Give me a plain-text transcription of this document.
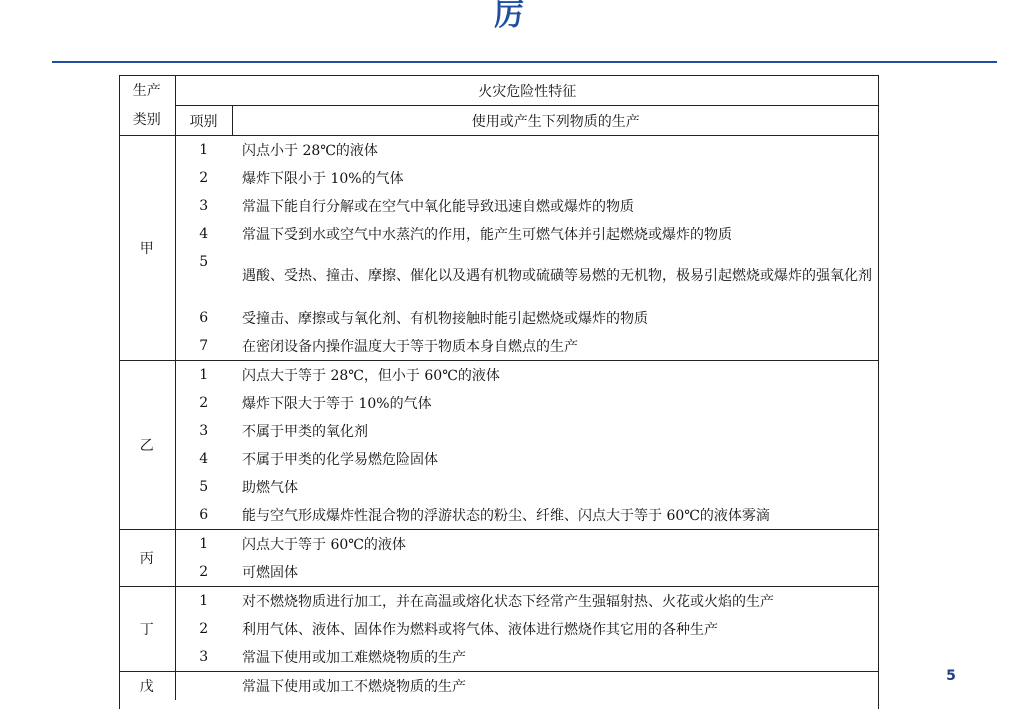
厉
生产
类别	火灾危险性特征	
	项别	使用或产生下列物质的生产
甲	1	闪点小于 28℃的液体
	2	爆炸下限小于 10%的气体
	3	常温下能自行分解或在空气中氧化能导致迅速自燃或爆炸的物质
	4	常温下受到水或空气中水蒸汽的作用，能产生可燃气体并引起燃烧或爆炸的物质
	5	遇酸、受热、撞击、摩擦、催化以及遇有机物或硫磺等易燃的无机物，极易引起燃烧或爆炸的强氧化剂
	6	受撞击、摩擦或与氧化剂、有机物接触时能引起燃烧或爆炸的物质
	7	在密闭设备内操作温度大于等于物质本身自燃点的生产
乙	1	闪点大于等于 28℃，但小于 60℃的液体
	2	爆炸下限大于等于 10%的气体
	3	不属于甲类的氧化剂
	4	不属于甲类的化学易燃危险固体
	5	助燃气体
	6	能与空气形成爆炸性混合物的浮游状态的粉尘、纤维、闪点大于等于 60℃的液体雾滴
丙	1	闪点大于等于 60℃的液体
	2	可燃固体
丁	1	对不燃烧物质进行加工，并在高温或熔化状态下经常产生强辐射热、火花或火焰的生产
	2	利用气体、液体、固体作为燃料或将气体、液体进行燃烧作其它用的各种生产
	3	常温下使用或加工难燃烧物质的生产
戊		常温下使用或加工不燃烧物质的生产
5
